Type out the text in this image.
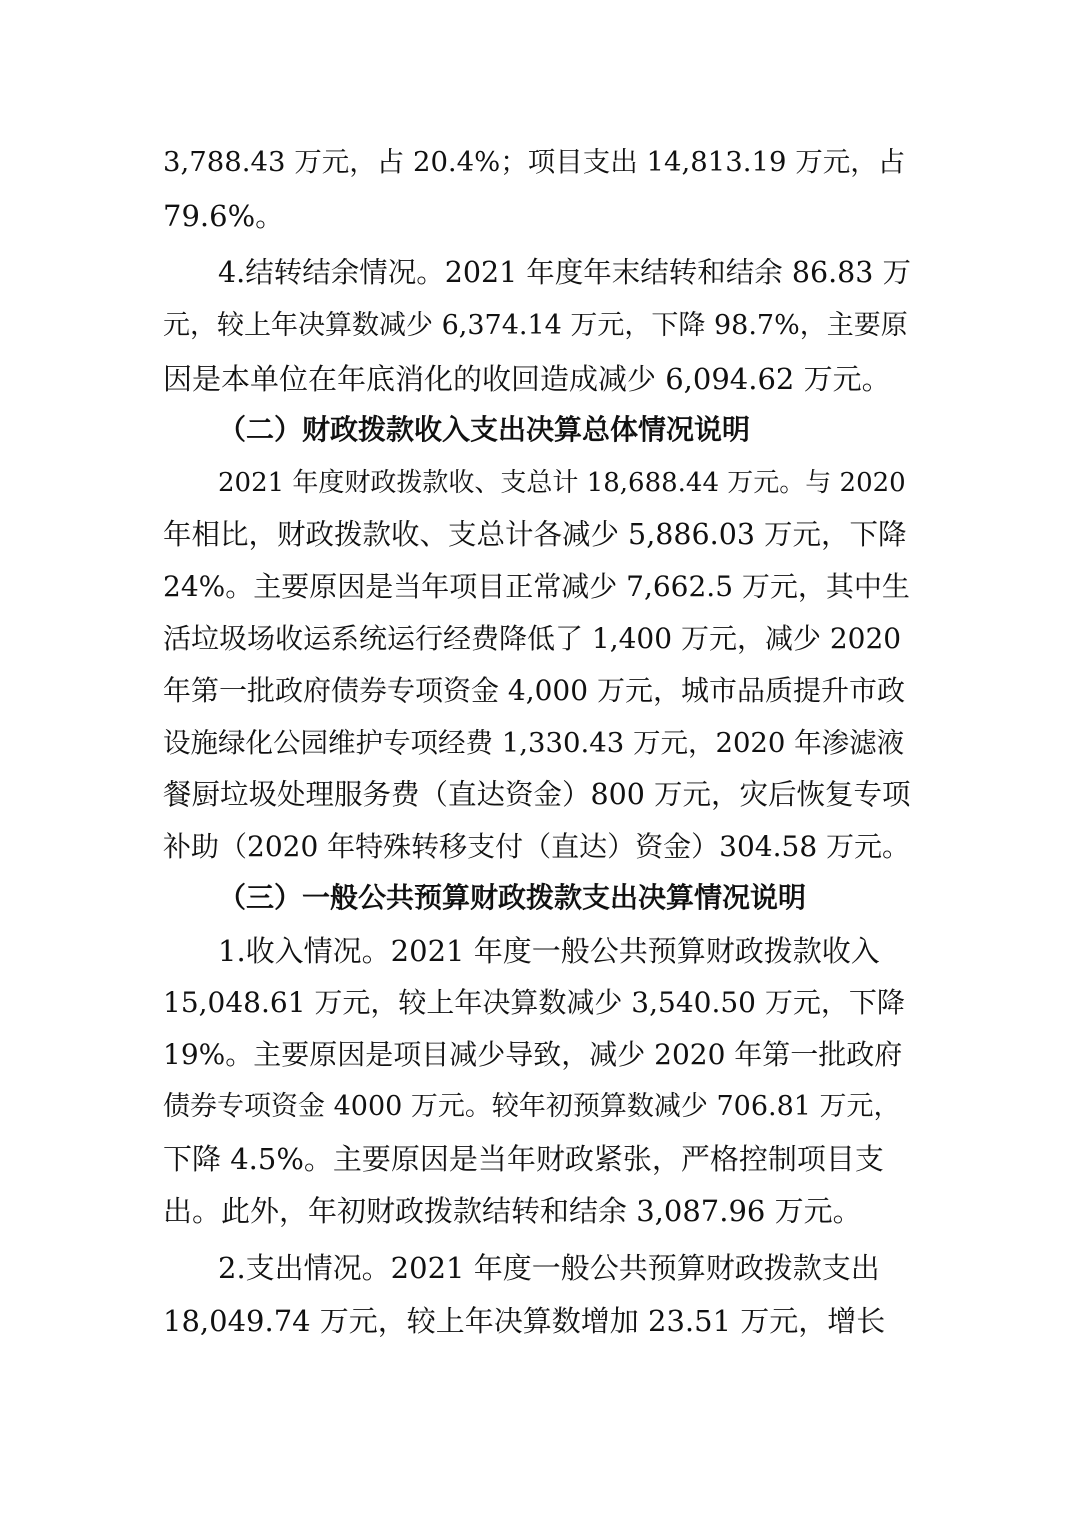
3,788.43 万元，占 20.4%；项目支出 14,813.19 万元，占
79.6%。
4.结转结余情况。2021 年度年末结转和结余 86.83 万
元，较上年决算数减少 6,374.14 万元，下降 98.7%，主要原
因是本单位在年底消化的收回造成减少 6,094.62 万元。
（二）财政拨款收入支出决算总体情况说明
2021 年度财政拨款收、支总计 18,688.44 万元。与 2020
年相比，财政拨款收、支总计各减少 5,886.03 万元，下降
24%。主要原因是当年项目正常减少 7,662.5 万元，其中生
活垃圾场收运系统运行经费降低了 1,400 万元，减少 2020
年第一批政府债券专项资金 4,000 万元，城市品质提升市政
设施绿化公园维护专项经费 1,330.43 万元，2020 年渗滤液
餐厨垃圾处理服务费（直达资金）800 万元，灾后恢复专项
补助（2020 年特殊转移支付（直达）资金）304.58 万元。
（三）一般公共预算财政拨款支出决算情况说明
1.收入情况。2021 年度一般公共预算财政拨款收入
15,048.61 万元，较上年决算数减少 3,540.50 万元，下降
19%。主要原因是项目减少导致，减少 2020 年第一批政府
债券专项资金 4000 万元。较年初预算数减少 706.81 万元，
下降 4.5%。主要原因是当年财政紧张，严格控制项目支
出。此外，年初财政拨款结转和结余 3,087.96 万元。
2.支出情况。2021 年度一般公共预算财政拨款支出
18,049.74 万元，较上年决算数增加 23.51 万元，增长
